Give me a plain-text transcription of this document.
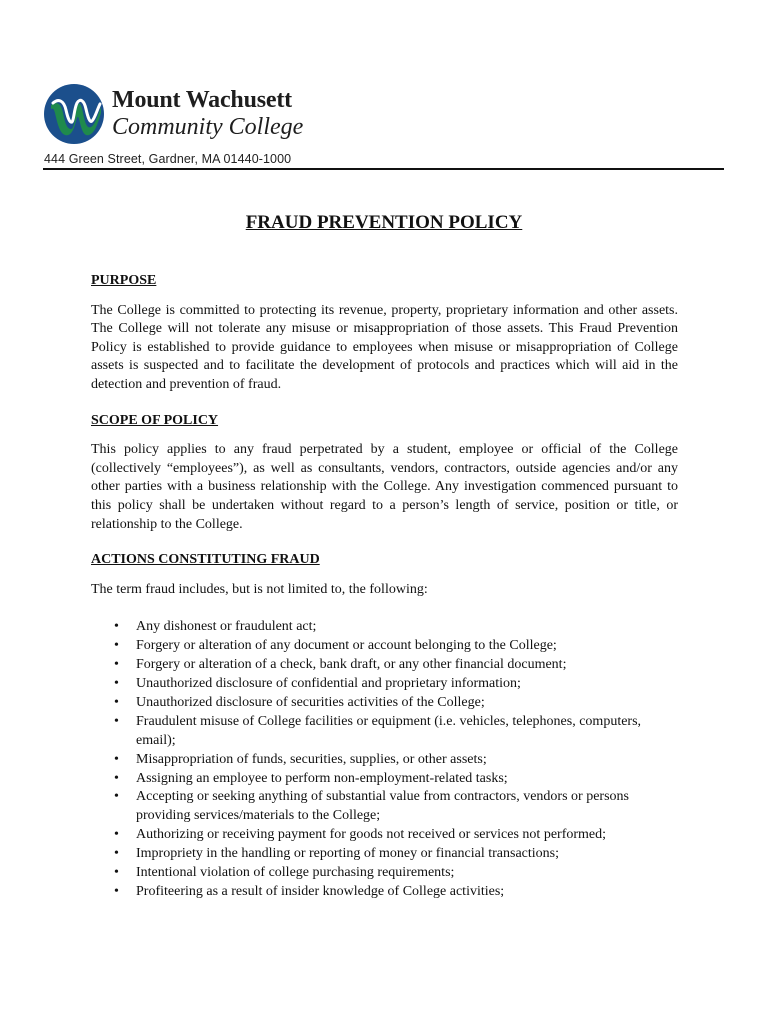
Mount Wachusett
Community College
444 Green Street, Gardner, MA 01440-1000
FRAUD PREVENTION POLICY
PURPOSE

The College is committed to protecting its revenue, property, proprietary information and other assets. The College will not tolerate any misuse or misappropriation of those assets. This Fraud Prevention Policy is established to provide guidance to employees when misuse or misappropriation of College assets is suspected and to facilitate the development of protocols and practices which will aid in the detection and prevention of fraud.

SCOPE OF POLICY

This policy applies to any fraud perpetrated by a student, employee or official of the College (collectively “employees”), as well as consultants, vendors, contractors, outside agencies and/or any other parties with a business relationship with the College. Any investigation commenced pursuant to this policy shall be undertaken without regard to a person’s length of service, position or title, or relationship to the College.

ACTIONS CONSTITUTING FRAUD

The term fraud includes, but is not limited to, the following:

• Any dishonest or fraudulent act;
• Forgery or alteration of any document or account belonging to the College;
• Forgery or alteration of a check, bank draft, or any other financial document;
• Unauthorized disclosure of confidential and proprietary information;
• Unauthorized disclosure of securities activities of the College;
• Fraudulent misuse of College facilities or equipment (i.e. vehicles, telephones, computers, email);
• Misappropriation of funds, securities, supplies, or other assets;
• Assigning an employee to perform non-employment-related tasks;
• Accepting or seeking anything of substantial value from contractors, vendors or persons providing services/materials to the College;
• Authorizing or receiving payment for goods not received or services not performed;
• Impropriety in the handling or reporting of money or financial transactions;
• Intentional violation of college purchasing requirements;
• Profiteering as a result of insider knowledge of College activities;
